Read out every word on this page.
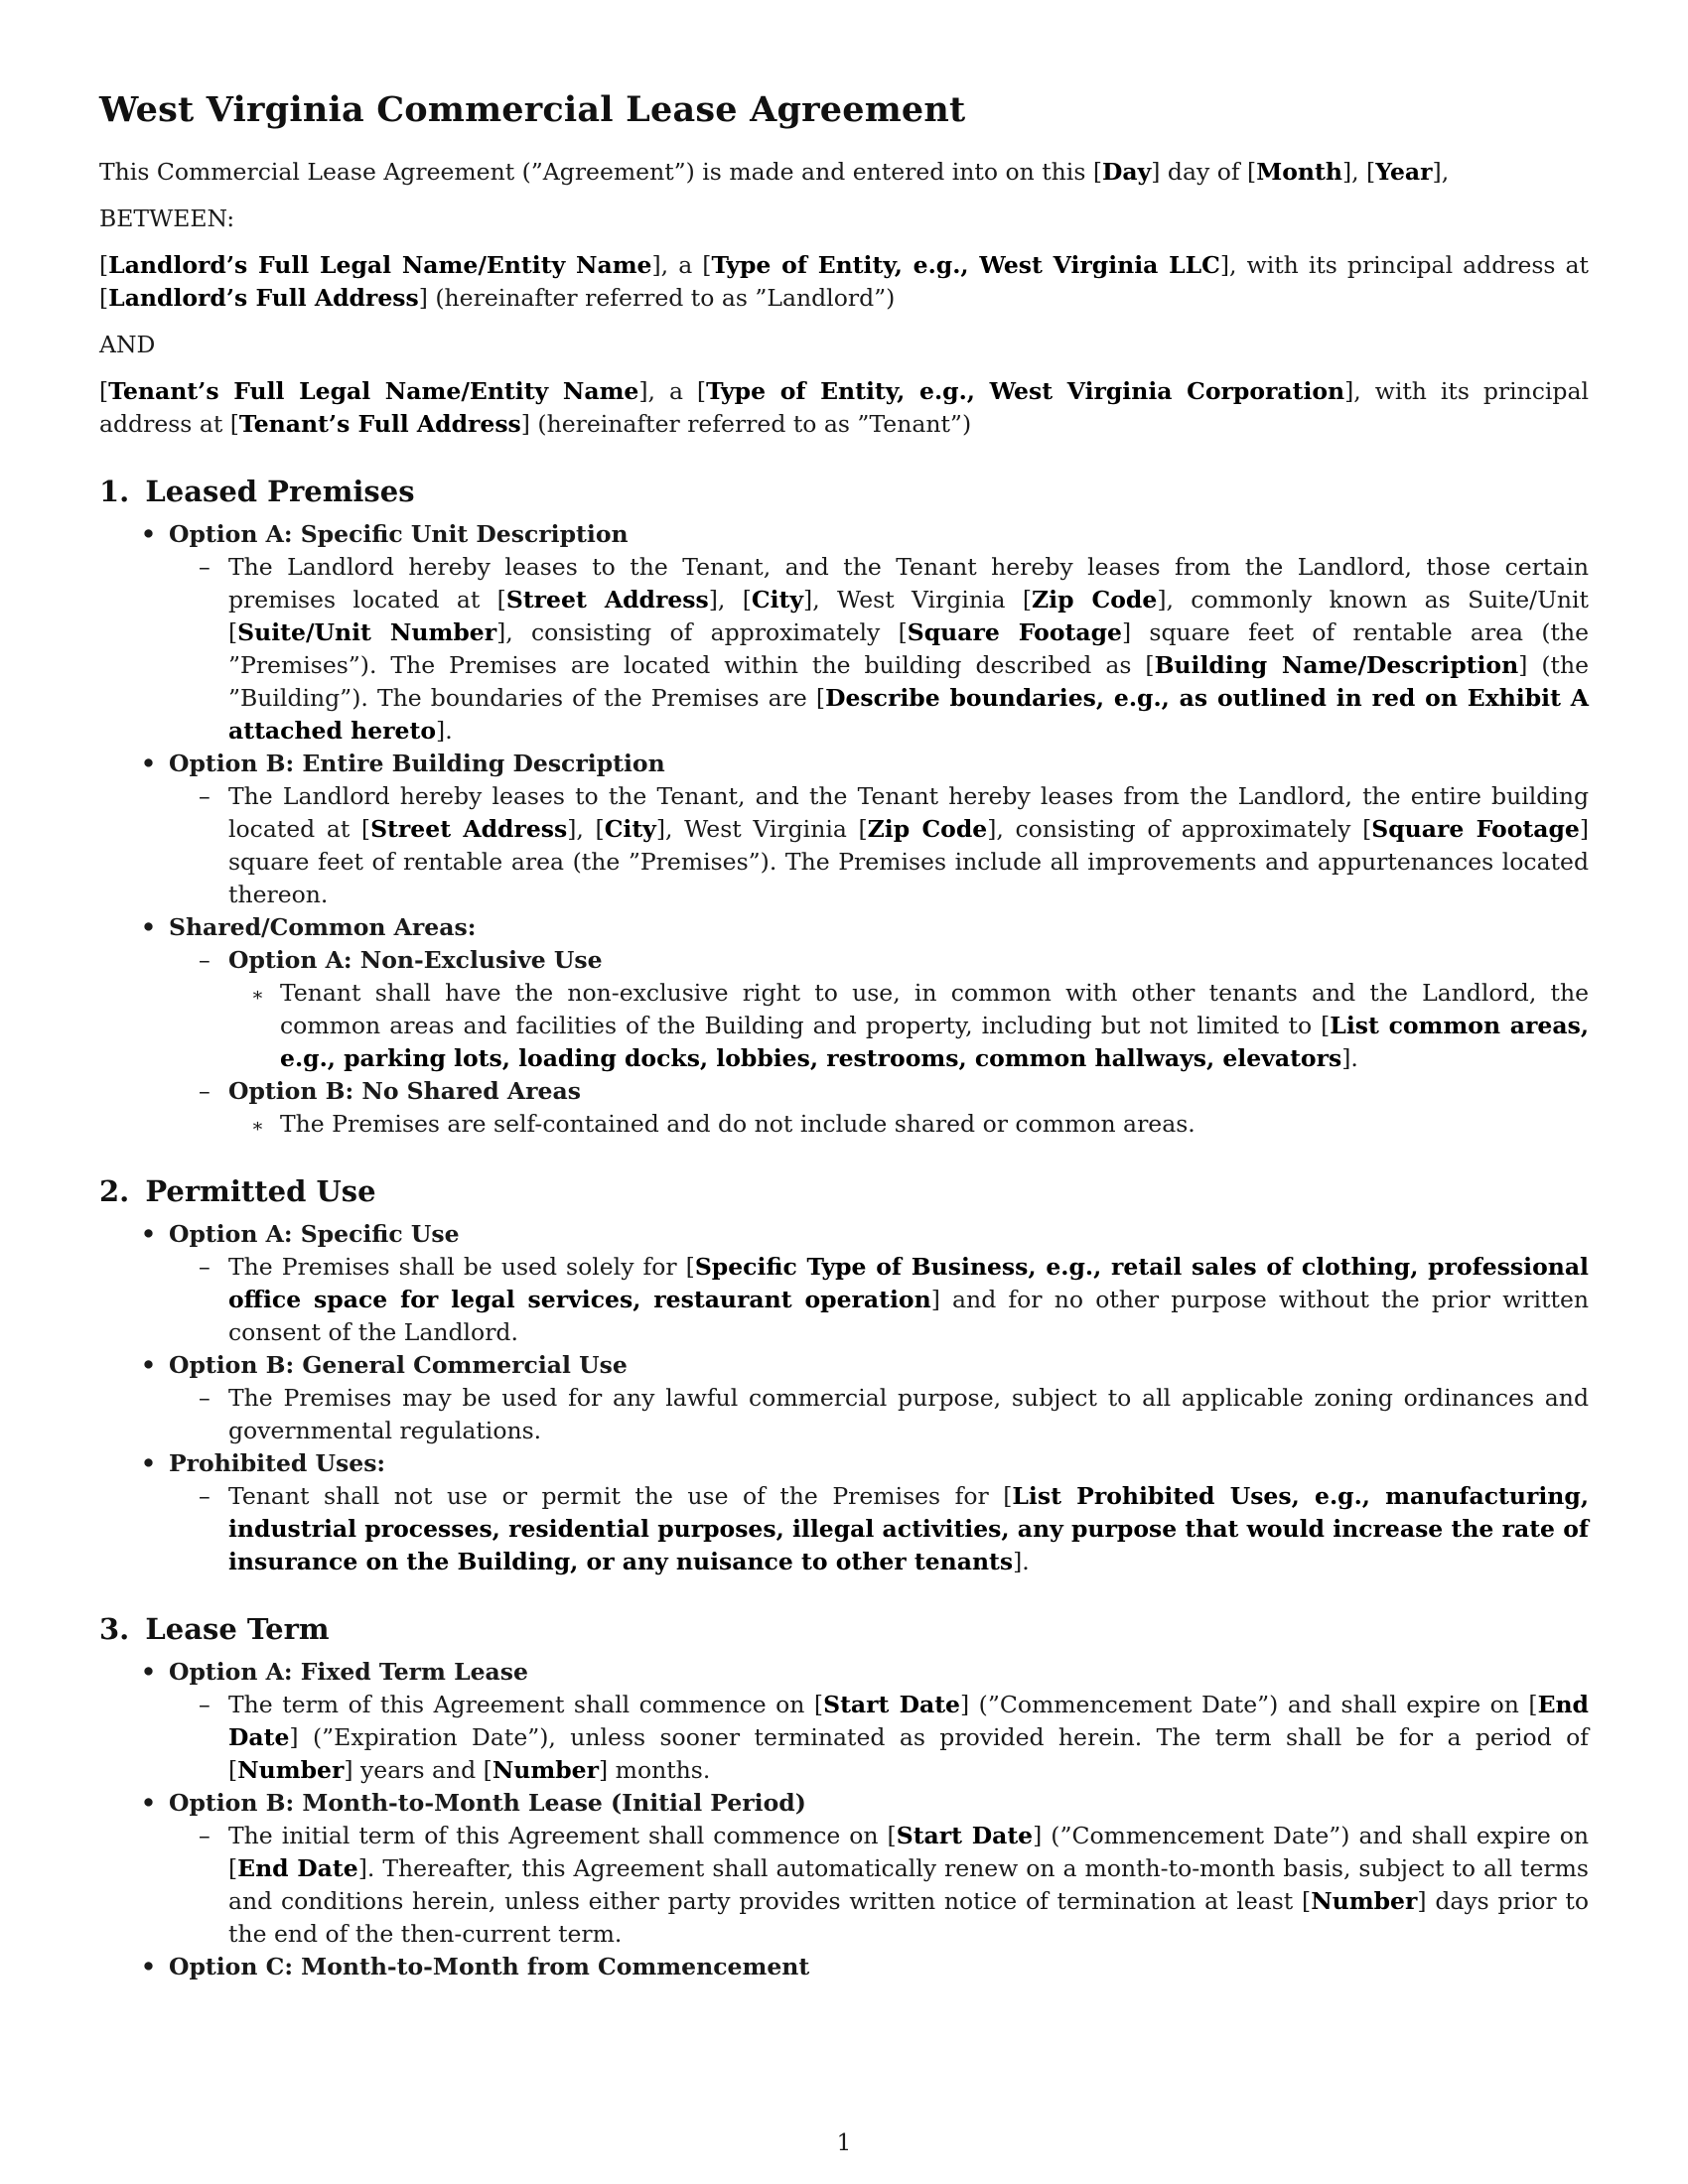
West Virginia Commercial Lease Agreement

This Commercial Lease Agreement (”Agreement”) is made and entered into on this [Day] day of [Month], [Year],

BETWEEN:

[Landlord’s Full Legal Name/Entity Name], a [Type of Entity, e.g., West Virginia LLC], with its principal address at [Landlord’s Full Address] (hereinafter referred to as ”Landlord”)

AND

[Tenant’s Full Legal Name/Entity Name], a [Type of Entity, e.g., West Virginia Corporation], with its principal address at [Tenant’s Full Address] (hereinafter referred to as ”Tenant”)

1. Leased Premises
• Option A: Specific Unit Description
– The Landlord hereby leases to the Tenant, and the Tenant hereby leases from the Landlord, those certain premises located at [Street Address], [City], West Virginia [Zip Code], commonly known as Suite/Unit [Suite/Unit Number], consisting of approximately [Square Footage] square feet of rentable area (the ”Premises”). The Premises are located within the building described as [Building Name/Description] (the ”Building”). The boundaries of the Premises are [Describe boundaries, e.g., as outlined in red on Exhibit A attached hereto].
• Option B: Entire Building Description
– The Landlord hereby leases to the Tenant, and the Tenant hereby leases from the Landlord, the entire building located at [Street Address], [City], West Virginia [Zip Code], consisting of approximately [Square Footage] square feet of rentable area (the ”Premises”). The Premises include all improvements and appurtenances located thereon.
• Shared/Common Areas:
– Option A: Non-Exclusive Use
∗ Tenant shall have the non-exclusive right to use, in common with other tenants and the Landlord, the common areas and facilities of the Building and property, including but not limited to [List common areas, e.g., parking lots, loading docks, lobbies, restrooms, common hallways, elevators].
– Option B: No Shared Areas
∗ The Premises are self-contained and do not include shared or common areas.
2. Permitted Use
• Option A: Specific Use
– The Premises shall be used solely for [Specific Type of Business, e.g., retail sales of clothing, professional office space for legal services, restaurant operation] and for no other purpose without the prior written consent of the Landlord.
• Option B: General Commercial Use
– The Premises may be used for any lawful commercial purpose, subject to all applicable zoning ordinances and governmental regulations.
• Prohibited Uses:
– Tenant shall not use or permit the use of the Premises for [List Prohibited Uses, e.g., manufacturing, industrial processes, residential purposes, illegal activities, any purpose that would increase the rate of insurance on the Building, or any nuisance to other tenants].
3. Lease Term
• Option A: Fixed Term Lease
– The term of this Agreement shall commence on [Start Date] (”Commencement Date”) and shall expire on [End Date] (”Expiration Date”), unless sooner terminated as provided herein. The term shall be for a period of [Number] years and [Number] months.
• Option B: Month-to-Month Lease (Initial Period)
– The initial term of this Agreement shall commence on [Start Date] (”Commencement Date”) and shall expire on [End Date]. Thereafter, this Agreement shall automatically renew on a month-to-month basis, subject to all terms and conditions herein, unless either party provides written notice of termination at least [Number] days prior to the end of the then-current term.
• Option C: Month-to-Month from Commencement
1
